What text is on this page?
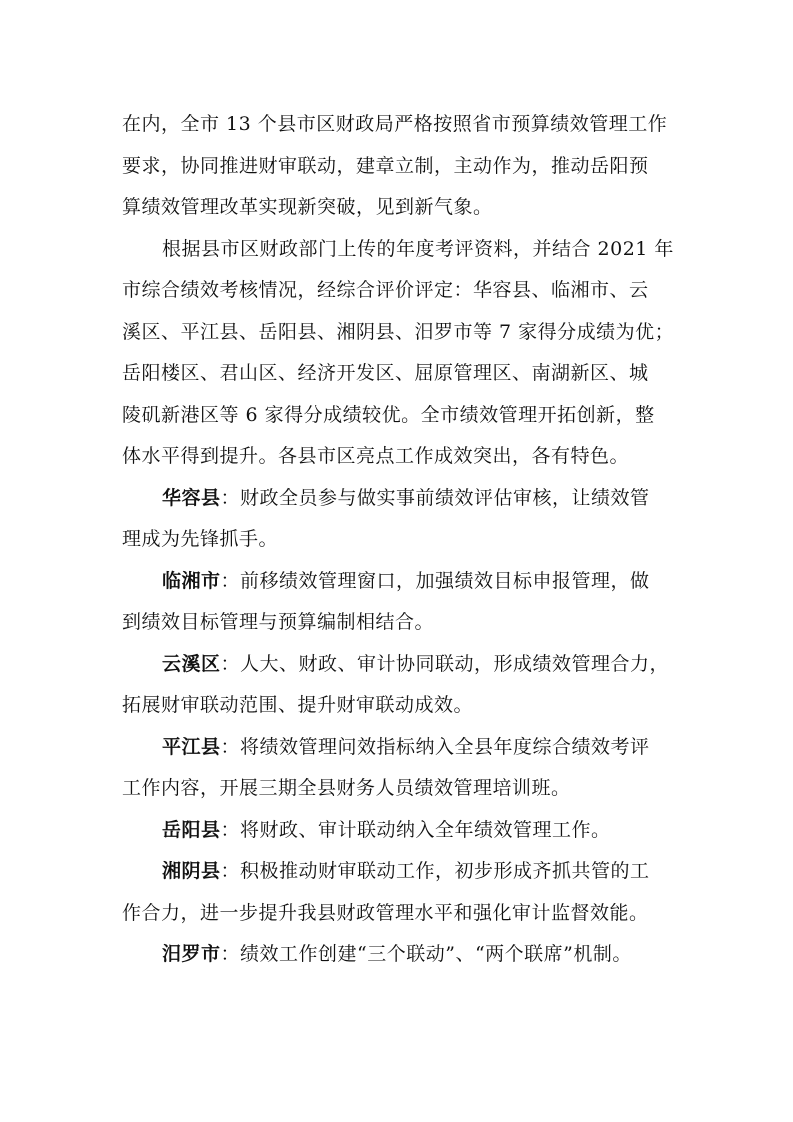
在内，全市 13 个县市区财政局严格按照省市预算绩效管理工作
要求，协同推进财审联动，建章立制，主动作为，推动岳阳预
算绩效管理改革实现新突破，见到新气象。

根据县市区财政部门上传的年度考评资料，并结合 2021 年
市综合绩效考核情况，经综合评价评定：华容县、临湘市、云
溪区、平江县、岳阳县、湘阴县、汨罗市等 7 家得分成绩为优；
岳阳楼区、君山区、经济开发区、屈原管理区、南湖新区、城
陵矶新港区等 6 家得分成绩较优。全市绩效管理开拓创新，整
体水平得到提升。各县市区亮点工作成效突出，各有特色。

华容县：财政全员参与做实事前绩效评估审核，让绩效管
理成为先锋抓手。

临湘市：前移绩效管理窗口，加强绩效目标申报管理，做
到绩效目标管理与预算编制相结合。

云溪区：人大、财政、审计协同联动，形成绩效管理合力，
拓展财审联动范围、提升财审联动成效。

平江县：将绩效管理问效指标纳入全县年度综合绩效考评
工作内容，开展三期全县财务人员绩效管理培训班。

岳阳县：将财政、审计联动纳入全年绩效管理工作。

湘阴县：积极推动财审联动工作，初步形成齐抓共管的工
作合力，进一步提升我县财政管理水平和强化审计监督效能。

汨罗市：绩效工作创建“三个联动”、“两个联席”机制。
